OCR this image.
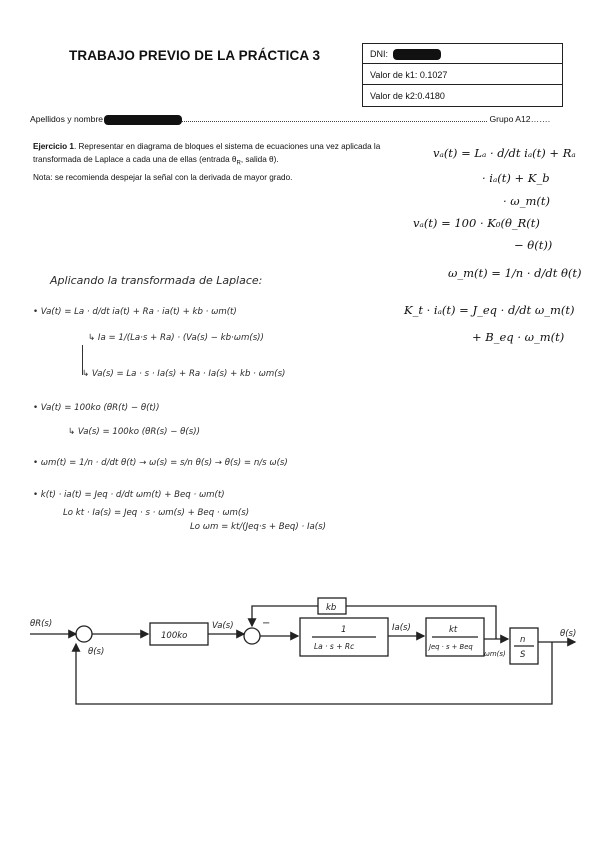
TRABAJO PREVIO DE LA PRÁCTICA 3	DNI:
Valor de k1: 0.1027
Valor de k2:0.4180
Apellidos y nombre	Grupo A12…….
Ejercicio 1. Representar en diagrama de bloques el sistema de ecuaciones una vez aplicada la transformada de Laplace a cada una de ellas (entrada $\theta_R$, salida θ).
Nota: se recomienda despejar la señal con la derivada de mayor grado.
vₐ(t) = Lₐ · d/dt iₐ(t) + Rₐ
· iₐ(t) + K_b
· ω_m(t)
vₐ(t) = 100 · K₀(θ_R(t)
− θ(t))
ω_m(t) = 1/n · d/dt θ(t)
K_t · iₐ(t) = J_eq · d/dt ω_m(t)
+ B_eq · ω_m(t)
Aplicando la transformada de Laplace:
• Va(t) = La · d/dt ia(t) + Ra · ia(t) + kb · ωm(t)
↳ Ia = 1/(La·s + Ra) · (Va(s) − kb·ωm(s))
↳ Va(s) = La · s · Ia(s) + Ra · Ia(s) + kb · ωm(s)
• Va(t) = 100ko (θR(t) − θ(t))
↳ Va(s) = 100ko (θR(s) − θ(s))
• ωm(t) = 1/n · d/dt θ(t) → ω(s) = s/n θ(s) → θ(s) = n/s ω(s)
• k(t) · ia(t) = Jeq · d/dt ωm(t) + Beq · ωm(t)
Lo kt · Ia(s) = Jeq · s · ωm(s) + Beq · ωm(s)
Lo ωm = kt/(Jeq·s + Beq) · Ia(s)
θR(s)
θ(s)
100ko
Va(s)	−
kb
1
La · s + Rc
Ia(s)	kt
Jeq · s + Beq
ωm(s)
n
S
θ(s)
